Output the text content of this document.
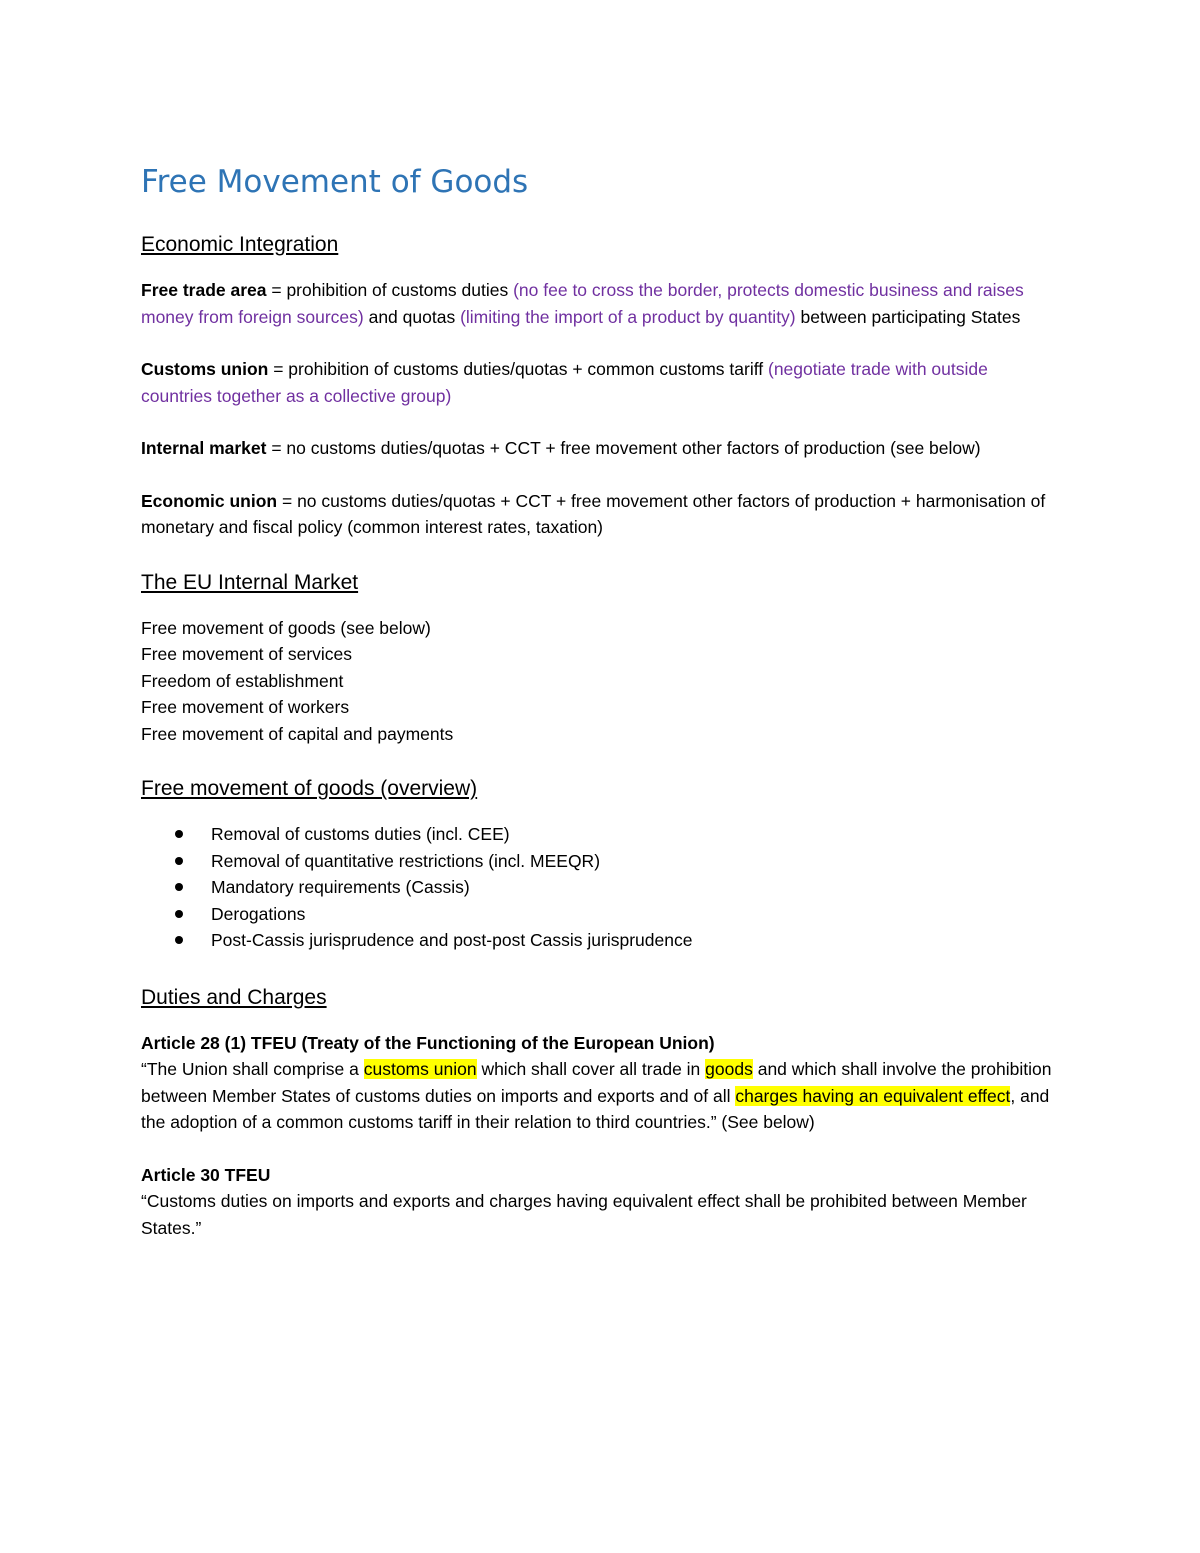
Free Movement of Goods
Economic Integration

Free trade area = prohibition of customs duties (no fee to cross the border, protects domestic business and raises money from foreign sources) and quotas (limiting the import of a product by quantity) between participating States

Customs union = prohibition of customs duties/quotas + common customs tariff (negotiate trade with outside countries together as a collective group)

Internal market = no customs duties/quotas + CCT + free movement other factors of production (see below)

Economic union = no customs duties/quotas + CCT + free movement other factors of production + harmonisation of monetary and fiscal policy (common interest rates, taxation)

The EU Internal Market

Free movement of goods (see below)

Free movement of services

Freedom of establishment

Free movement of workers

Free movement of capital and payments

Free movement of goods (overview)
Removal of customs duties (incl. CEE)
Removal of quantitative restrictions (incl. MEEQR)
Mandatory requirements (Cassis)
Derogations
Post-Cassis jurisprudence and post-post Cassis jurisprudence
Duties and Charges

Article 28 (1) TFEU (Treaty of the Functioning of the European Union)

“The Union shall comprise a customs union which shall cover all trade in goods and which shall involve the prohibition between Member States of customs duties on imports and exports and of all charges having an equivalent effect, and the adoption of a common customs tariff in their relation to third countries.” (See below)

Article 30 TFEU

“Customs duties on imports and exports and charges having equivalent effect shall be prohibited between Member States.”
